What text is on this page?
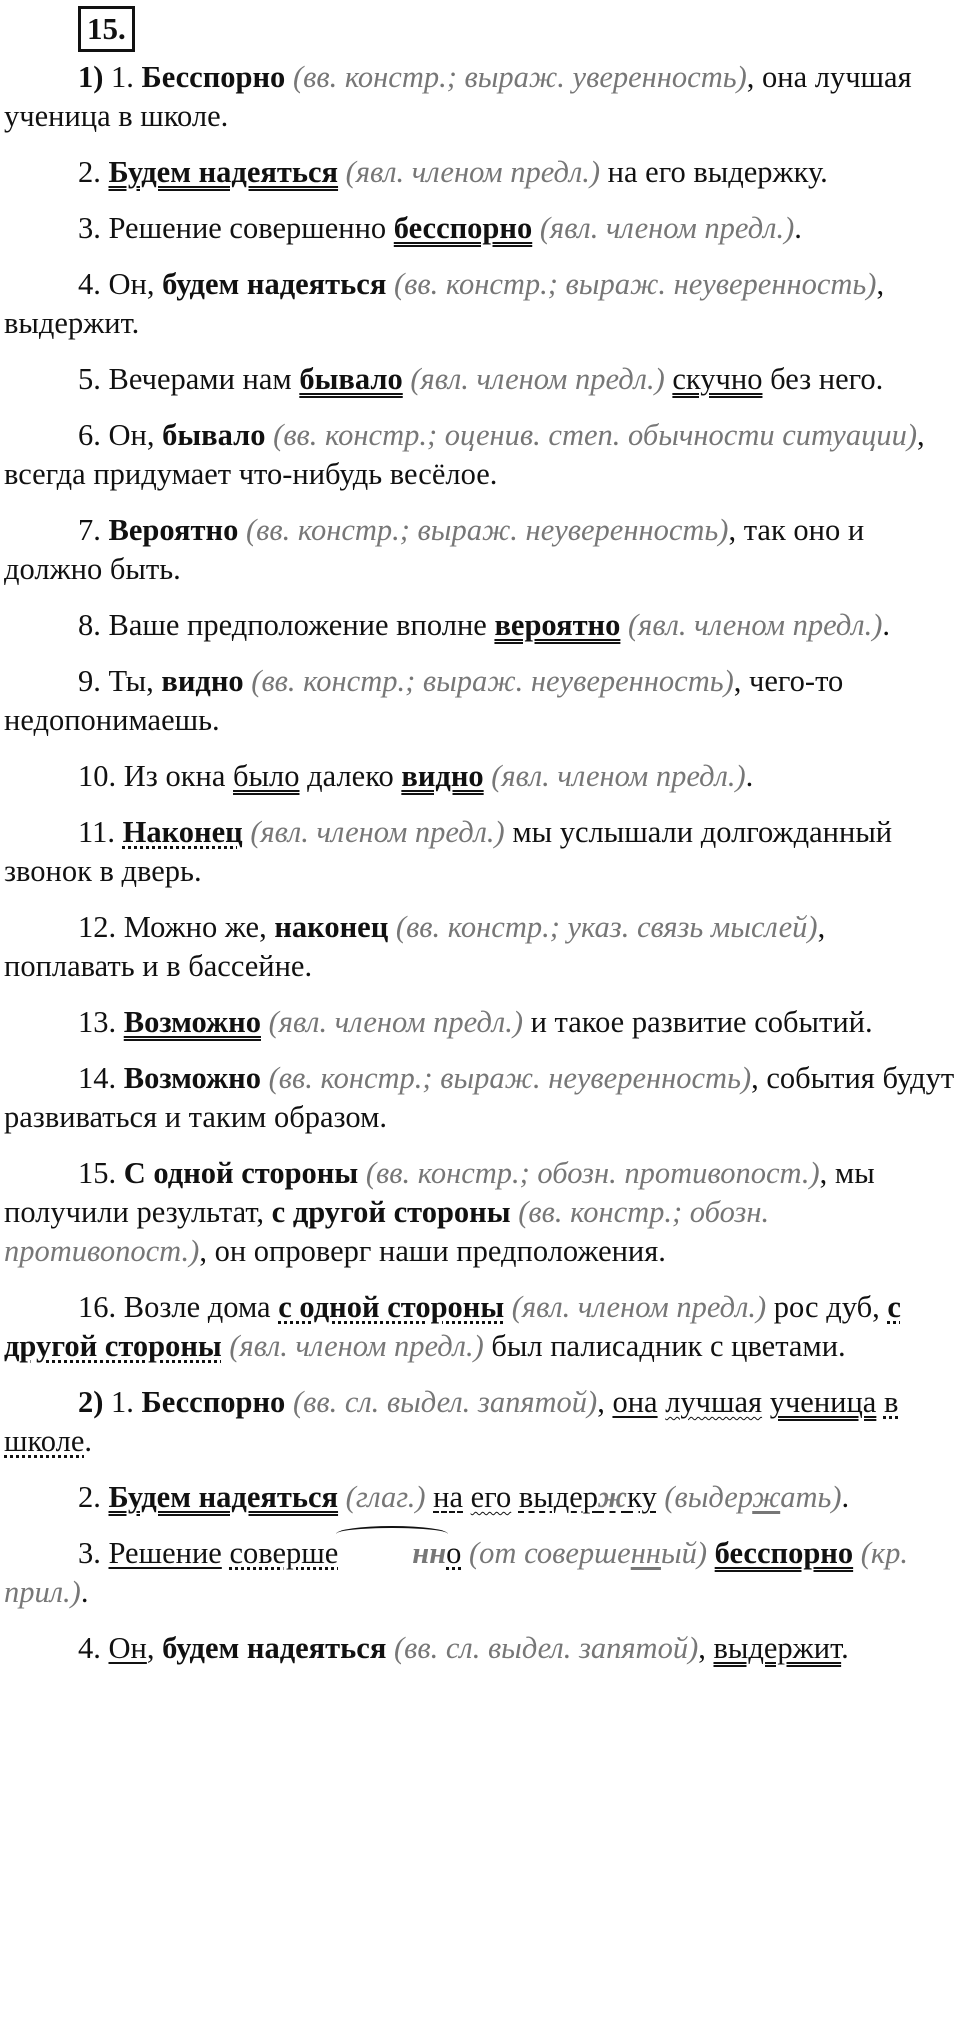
15.

1) 1. Бесспорно (вв. констр.; выраж. уверенность), она лучшая ученица в школе.

2. Будем надеяться (явл. членом предл.) на его выдержку.

3. Решение совершенно бесспорно (явл. членом предл.).

4. Он, будем надеяться (вв. констр.; выраж. неуверенность), выдержит.

5. Вечерами нам бывало (явл. членом предл.) скучно без него.

6. Он, бывало (вв. констр.; оценив. степ. обычности ситуации), всегда придумает что-нибудь весёлое.

7. Вероятно (вв. констр.; выраж. неуверенность), так оно и должно быть.

8. Ваше предположение вполне вероятно (явл. членом предл.).

9. Ты, видно (вв. констр.; выраж. неуверенность), чего-то недопонимаешь.

10. Из окна было далеко видно (явл. членом предл.).

11. Наконец (явл. членом предл.) мы услышали долгожданный звонок в дверь.

12. Можно же, наконец (вв. констр.; указ. связь мыслей), поплавать и в бассейне.

13. Возможно (явл. членом предл.) и такое развитие событий.

14. Возможно (вв. констр.; выраж. неуверенность), события будут развиваться и таким образом.

15. С одной стороны (вв. констр.; обозн. противопост.), мы получили результат, с другой стороны (вв. констр.; обозн. противопост.), он опроверг наши предположения.

16. Возле дома с одной стороны (явл. членом предл.) рос дуб, с другой стороны (явл. членом предл.) был палисадник с цветами.

2) 1. Бесспорно (вв. сл. выдел. запятой), она лучшая ученица в школе.

2. Будем надеяться (глаг.) на его выдержку (выдержать).

3. Решение соверше нно (от совершенный) бесспорно (кр. прил.).

4. Он, будем надеяться (вв. сл. выдел. запятой), выдержит.
